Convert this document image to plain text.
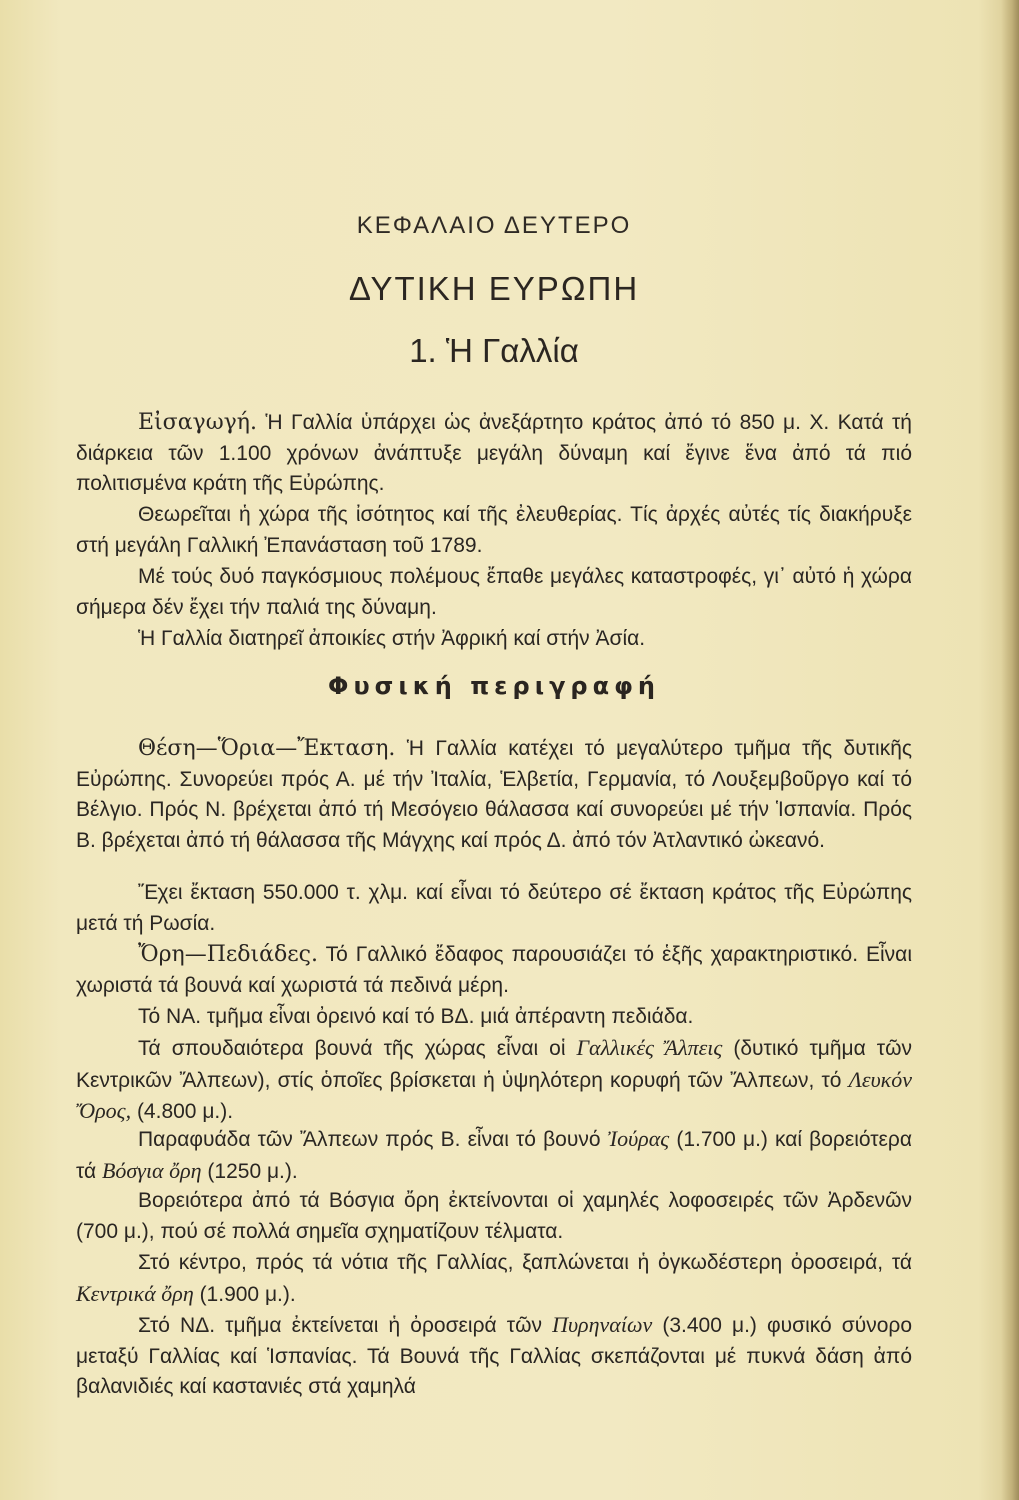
ΚΕΦΑΛΑΙΟ ΔΕΥΤΕΡΟ
ΔΥΤΙΚΗ ΕΥΡΩΠΗ
1. Ἡ Γαλλία

Εἰσαγωγή. Ἡ Γαλλία ὑπάρχει ὡς ἀνεξάρτητο κράτος ἀπό τό 850 μ. Χ. Κατά τή διάρκεια τῶν 1.100 χρόνων ἀνάπτυξε μεγάλη δύναμη καί ἔγινε ἕνα ἀπό τά πιό πολιτισμένα κράτη τῆς Εὐρώπης.

Θεωρεῖται ἡ χώρα τῆς ἰσότητος καί τῆς ἐλευθερίας. Τίς ἀρχές αὐτές τίς διακήρυξε στή μεγάλη Γαλλική Ἐπανάσταση τοῦ 1789.

Μέ τούς δυό παγκόσμιους πολέμους ἔπαθε μεγάλες καταστροφές, γι᾽ αὐτό ἡ χώρα σήμερα δέν ἔχει τήν παλιά της δύναμη.

Ἡ Γαλλία διατηρεῖ ἀποικίες στήν Ἀφρική καί στήν Ἀσία.

Φυσική περιγραφή

Θέση—Ὅρια—Ἔκταση. Ἡ Γαλλία κατέχει τό μεγαλύτερο τμῆμα τῆς δυτικῆς Εὐρώπης. Συνορεύει πρός Α. μέ τήν Ἰταλία, Ἑλβετία, Γερμανία, τό Λουξεμβοῦργο καί τό Βέλγιο. Πρός Ν. βρέχεται ἀπό τή Μεσόγειο θάλασσα καί συνορεύει μέ τήν Ἱσπανία. Πρός Β. βρέχεται ἀπό τή θάλασσα τῆς Μάγχης καί πρός Δ. ἀπό τόν Ἀτλαντικό ὠκεανό.

Ἔχει ἔκταση 550.000 τ. χλμ. καί εἶναι τό δεύτερο σέ ἔκταση κράτος τῆς Εὐρώπης μετά τή Ρωσία.

Ὄρη—Πεδιάδες. Τό Γαλλικό ἔδαφος παρουσιάζει τό ἑξῆς χαρακτηριστικό. Εἶναι χωριστά τά βουνά καί χωριστά τά πεδινά μέρη.

Τό ΝΑ. τμῆμα εἶναι ὀρεινό καί τό ΒΔ. μιά ἀπέραντη πεδιάδα.

Τά σπουδαιότερα βουνά τῆς χώρας εἶναι οἱ Γαλλικές Ἄλπεις (δυτικό τμῆμα τῶν Κεντρικῶν Ἄλπεων), στίς ὁποῖες βρίσκεται ἡ ὑψηλότερη κορυφή τῶν Ἄλπεων, τό Λευκόν Ὄρος, (4.800 μ.).

Παραφυάδα τῶν Ἄλπεων πρός Β. εἶναι τό βουνό Ἰούρας (1.700 μ.) καί βορειότερα τά Βόσγια ὄρη (1250 μ.).

Βορειότερα ἀπό τά Βόσγια ὄρη ἐκτείνονται οἱ χαμηλές λοφοσειρές τῶν Ἀρδενῶν (700 μ.), πού σέ πολλά σημεῖα σχηματίζουν τέλματα.

Στό κέντρο, πρός τά νότια τῆς Γαλλίας, ξαπλώνεται ἡ ὀγκωδέστερη ὀροσειρά, τά Κεντρικά ὄρη (1.900 μ.).

Στό ΝΔ. τμῆμα ἐκτείνεται ἡ ὀροσειρά τῶν Πυρηναίων (3.400 μ.) φυσικό σύνορο μεταξύ Γαλλίας καί Ἱσπανίας. Τά Βουνά τῆς Γαλλίας σκεπάζονται μέ πυκνά δάση ἀπό βαλανιδιές καί καστανιές στά χαμηλά
